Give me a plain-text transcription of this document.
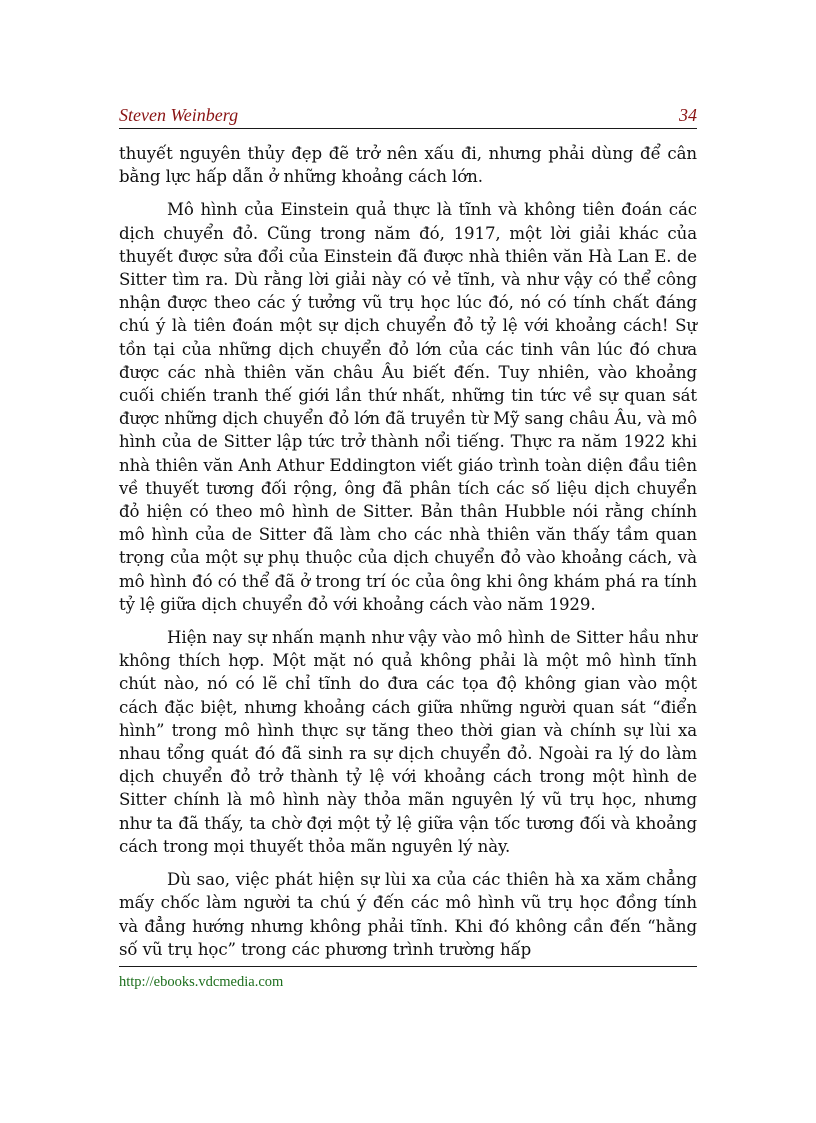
Steven Weinberg	34

thuyết nguyên thủy đẹp đẽ trở nên xấu đi, nhưng phải dùng để cân bằng lực hấp dẫn ở những khoảng cách lớn.

Mô hình của Einstein quả thực là tĩnh và không tiên đoán các dịch chuyển đỏ. Cũng trong năm đó, 1917, một lời giải khác của thuyết được sửa đổi của Einstein đã được nhà thiên văn Hà Lan E. de Sitter tìm ra. Dù rằng lời giải này có vẻ tĩnh, và như vậy có thể công nhận được theo các ý tưởng vũ trụ học lúc đó, nó có tính chất đáng chú ý là tiên đoán một sự dịch chuyển đỏ tỷ lệ với khoảng cách! Sự tồn tại của những dịch chuyển đỏ lớn của các tinh vân lúc đó chưa được các nhà thiên văn châu Âu biết đến. Tuy nhiên, vào khoảng cuối chiến tranh thế giới lần thứ nhất, những tin tức về sự quan sát được những dịch chuyển đỏ lớn đã truyền từ Mỹ sang châu Âu, và mô hình của de Sitter lập tức trở thành nổi tiếng. Thực ra năm 1922 khi nhà thiên văn Anh Athur Eddington viết giáo trình toàn diện đầu tiên về thuyết tương đối rộng, ông đã phân tích các số liệu dịch chuyển đỏ hiện có theo mô hình de Sitter. Bản thân Hubble nói rằng chính mô hình của de Sitter đã làm cho các nhà thiên văn thấy tầm quan trọng của một sự phụ thuộc của dịch chuyển đỏ vào khoảng cách, và mô hình đó có thể đã ở trong trí óc của ông khi ông khám phá ra tính tỷ lệ giữa dịch chuyển đỏ với khoảng cách vào năm 1929.

Hiện nay sự nhấn mạnh như vậy vào mô hình de Sitter hầu như không thích hợp. Một mặt nó quả không phải là một mô hình tĩnh chút nào, nó có lẽ chỉ tĩnh do đưa các tọa độ không gian vào một cách đặc biệt, nhưng khoảng cách giữa những người quan sát “điển hình” trong mô hình thực sự tăng theo thời gian và chính sự lùi xa nhau tổng quát đó đã sinh ra sự dịch chuyển đỏ. Ngoài ra lý do làm dịch chuyển đỏ trở thành tỷ lệ với khoảng cách trong một hình de Sitter chính là mô hình này thỏa mãn nguyên lý vũ trụ học, nhưng như ta đã thấy, ta chờ đợi một tỷ lệ giữa vận tốc tương đối và khoảng cách trong mọi thuyết thỏa mãn nguyên lý này.

Dù sao, việc phát hiện sự lùi xa của các thiên hà xa xăm chẳng mấy chốc làm người ta chú ý đến các mô hình vũ trụ học đồng tính và đẳng hướng nhưng không phải tĩnh. Khi đó không cần đến “hằng số vũ trụ học” trong các phương trình trường hấp

http://ebooks.vdcmedia.com
